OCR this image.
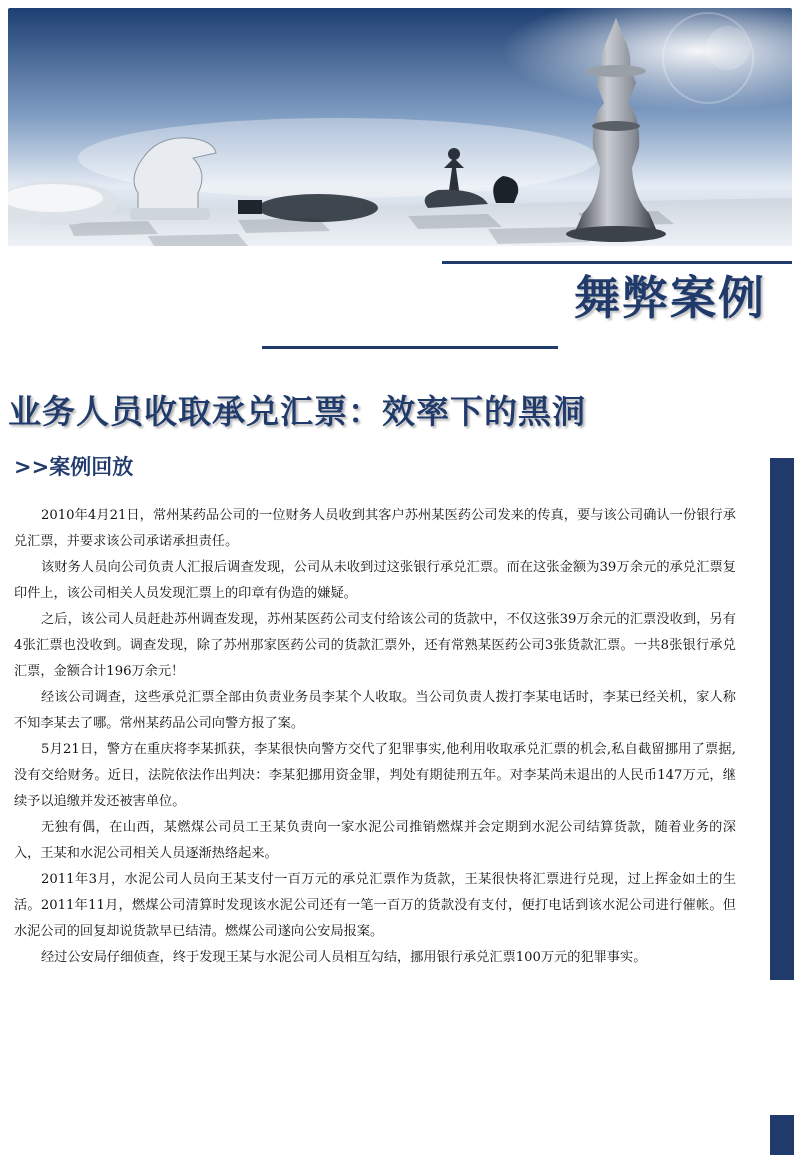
舞弊案例
业务人员收取承兑汇票：效率下的黑洞
>>案例回放

2010年4月21日，常州某药品公司的一位财务人员收到其客户苏州某医药公司发来的传真，要与该公司确认一份银行承兑汇票，并要求该公司承诺承担责任。

该财务人员向公司负责人汇报后调查发现，公司从未收到过这张银行承兑汇票。而在这张金额为39万余元的承兑汇票复印件上，该公司相关人员发现汇票上的印章有伪造的嫌疑。

之后，该公司人员赶赴苏州调查发现，苏州某医药公司支付给该公司的货款中，不仅这张39万余元的汇票没收到，另有4张汇票也没收到。调查发现，除了苏州那家医药公司的货款汇票外，还有常熟某医药公司3张货款汇票。一共8张银行承兑汇票，金额合计196万余元！

经该公司调查，这些承兑汇票全部由负责业务员李某个人收取。当公司负责人拨打李某电话时，李某已经关机，家人称不知李某去了哪。常州某药品公司向警方报了案。

5月21日，警方在重庆将李某抓获，李某很快向警方交代了犯罪事实,他利用收取承兑汇票的机会,私自截留挪用了票据,没有交给财务。近日，法院依法作出判决：李某犯挪用资金罪，判处有期徒刑五年。对李某尚未退出的人民币147万元，继续予以追缴并发还被害单位。

无独有偶，在山西，某燃煤公司员工王某负责向一家水泥公司推销燃煤并会定期到水泥公司结算货款，随着业务的深入，王某和水泥公司相关人员逐渐热络起来。

2011年3月，水泥公司人员向王某支付一百万元的承兑汇票作为货款，王某很快将汇票进行兑现，过上挥金如土的生活。2011年11月，燃煤公司清算时发现该水泥公司还有一笔一百万的货款没有支付，便打电话到该水泥公司进行催帐。但水泥公司的回复却说货款早已结清。燃煤公司遂向公安局报案。

经过公安局仔细侦查，终于发现王某与水泥公司人员相互勾结，挪用银行承兑汇票100万元的犯罪事实。
